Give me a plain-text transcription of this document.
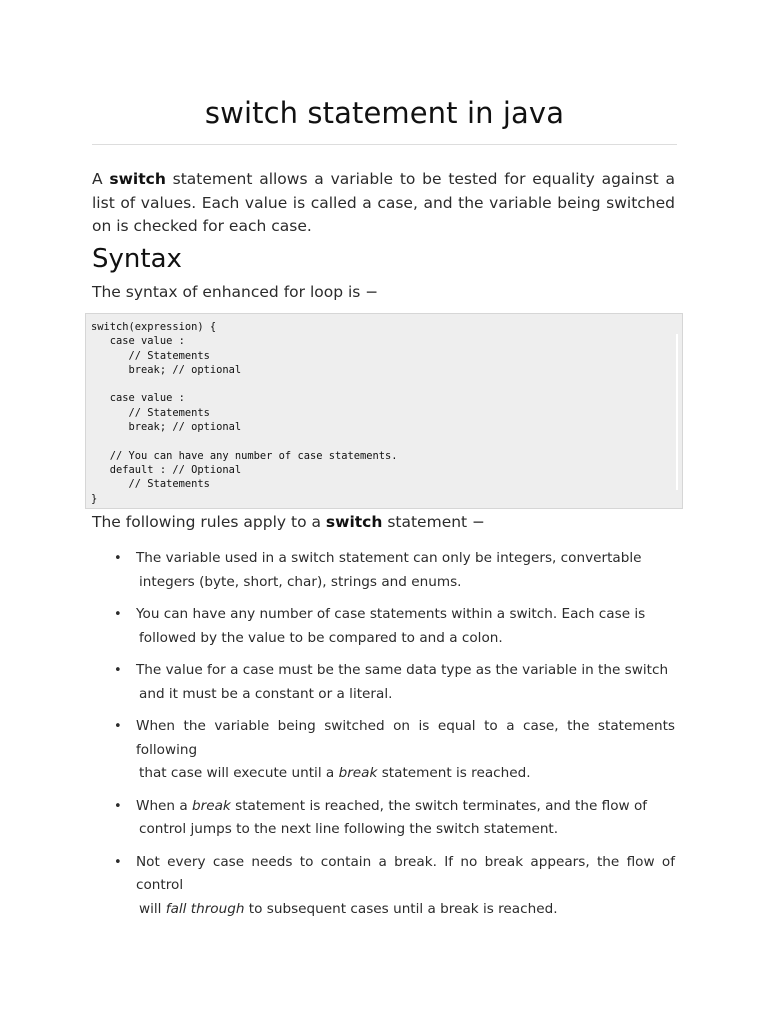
switch statement in java

A switch statement allows a variable to be tested for equality against a list of values. Each value is called a case, and the variable being switched on is checked for each case.

Syntax

The syntax of enhanced for loop is −

switch(expression) {
case value :
// Statements
break; // optional

case value :
// Statements
break; // optional

// You can have any number of case statements.
default : // Optional
// Statements
}

The following rules apply to a switch statement −

• The variable used in a switch statement can only be integers, convertable
integers (byte, short, char), strings and enums.
• You can have any number of case statements within a switch. Each case is
followed by the value to be compared to and a colon.
• The value for a case must be the same data type as the variable in the switch
and it must be a constant or a literal.
• When the variable being switched on is equal to a case, the statements following
that case will execute until a break statement is reached.
• When a break statement is reached, the switch terminates, and the flow of
control jumps to the next line following the switch statement.
• Not every case needs to contain a break. If no break appears, the flow of control
will fall through to subsequent cases until a break is reached.
